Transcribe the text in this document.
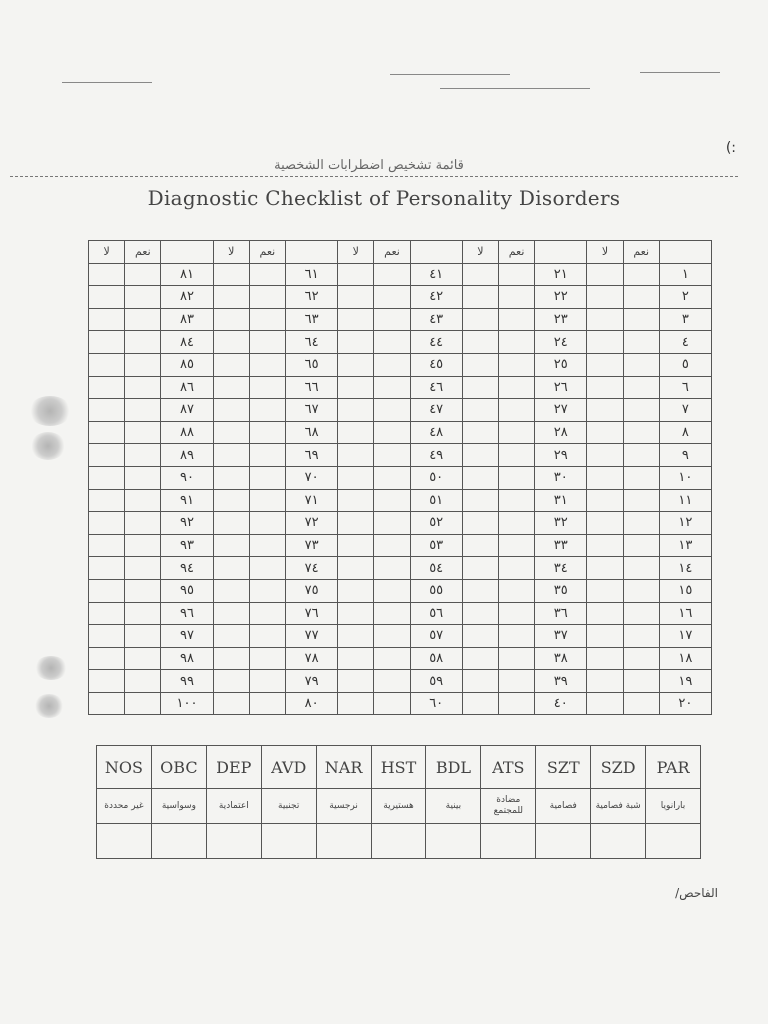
(:
قائمة تشخيص اضطرابات الشخصية
Diagnostic Checklist of Personality Disorders
	نعم	لا		نعم	لا		نعم	لا		نعم	لا		نعم	لا
١			٢١			٤١			٦١			٨١		
٢			٢٢			٤٢			٦٢			٨٢		
٣			٢٣			٤٣			٦٣			٨٣		
٤			٢٤			٤٤			٦٤			٨٤		
٥			٢٥			٤٥			٦٥			٨٥		
٦			٢٦			٤٦			٦٦			٨٦		
٧			٢٧			٤٧			٦٧			٨٧		
٨			٢٨			٤٨			٦٨			٨٨		
٩			٢٩			٤٩			٦٩			٨٩		
١٠			٣٠			٥٠			٧٠			٩٠		
١١			٣١			٥١			٧١			٩١		
١٢			٣٢			٥٢			٧٢			٩٢		
١٣			٣٣			٥٣			٧٣			٩٣		
١٤			٣٤			٥٤			٧٤			٩٤		
١٥			٣٥			٥٥			٧٥			٩٥		
١٦			٣٦			٥٦			٧٦			٩٦		
١٧			٣٧			٥٧			٧٧			٩٧		
١٨			٣٨			٥٨			٧٨			٩٨		
١٩			٣٩			٥٩			٧٩			٩٩		
٢٠			٤٠			٦٠			٨٠			١٠٠		
PAR	SZD	SZT	ATS	BDL	HST	NAR	AVD	DEP	OBC	NOS
بارانويا	شبة فصامية	فصامية	مضادة للمجتمع	بينية	هستيرية	نرجسية	تجنبية	اعتمادية	وسواسية	غير محددة

الفاحص/
